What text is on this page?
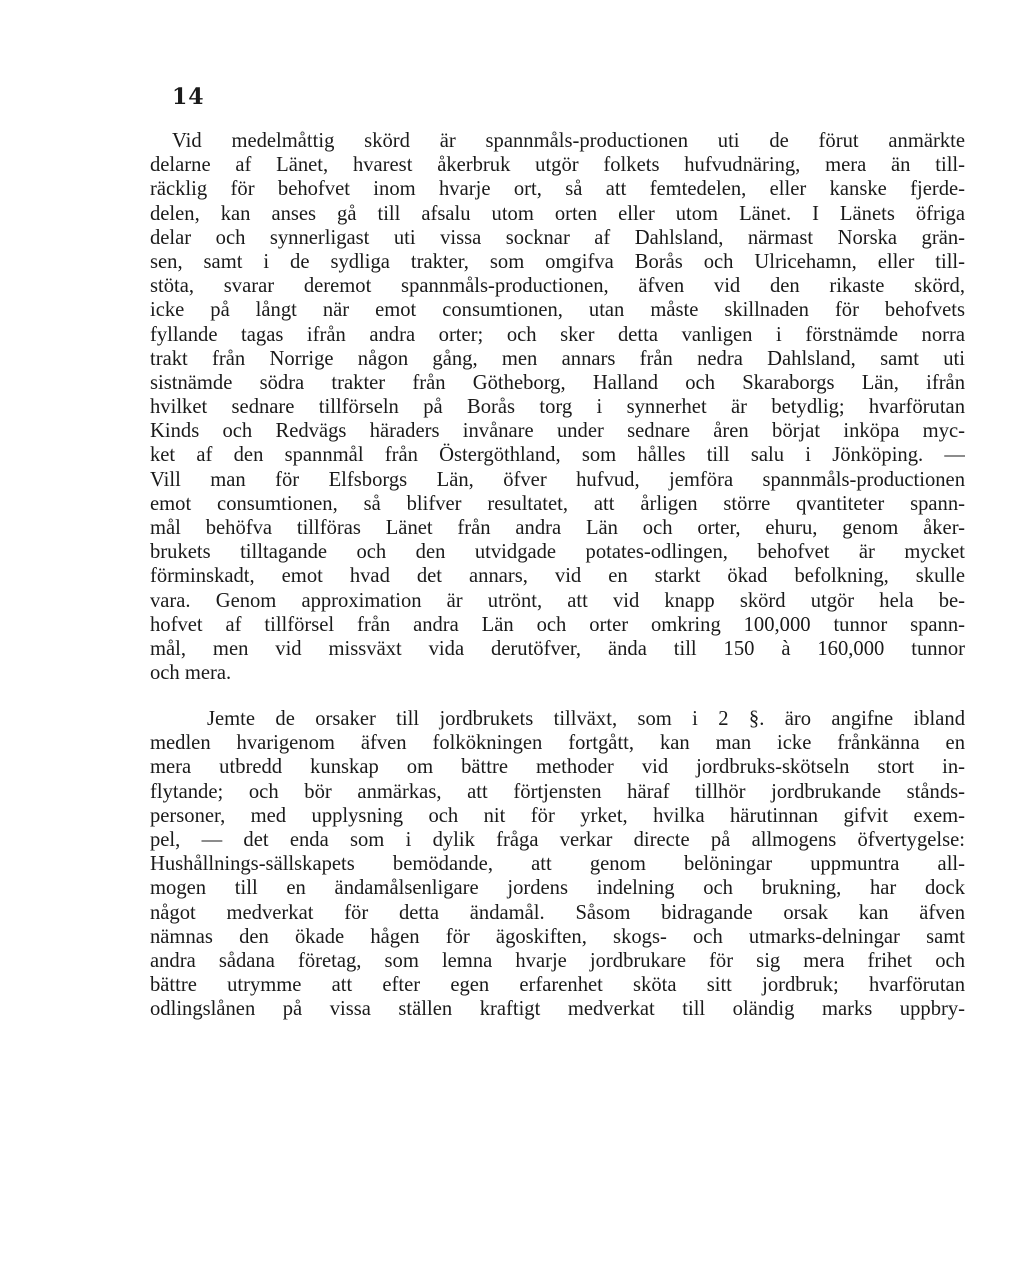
14
Vid medelmåttig skörd är spannmåls-productionen uti de förut anmärkte
delarne af Länet, hvarest åkerbruk utgör folkets hufvudnäring, mera än till-
räcklig för behofvet inom hvarje ort, så att femtedelen, eller kanske fjerde-
delen, kan anses gå till afsalu utom orten eller utom Länet. I Länets öfriga
delar och synnerligast uti vissa socknar af Dahlsland, närmast Norska grän-
sen, samt i de sydliga trakter, som omgifva Borås och Ulricehamn, eller till-
stöta, svarar deremot spannmåls-productionen, äfven vid den rikaste skörd,
icke på långt när emot consumtionen, utan måste skillnaden för behofvets
fyllande tagas ifrån andra orter; och sker detta vanligen i förstnämde norra
trakt från Norrige någon gång, men annars från nedra Dahlsland, samt uti
sistnämde södra trakter från Götheborg, Halland och Skaraborgs Län, ifrån
hvilket sednare tillförseln på Borås torg i synnerhet är betydlig; hvarförutan
Kinds och Redvägs häraders invånare under sednare åren börjat inköpa myc-
ket af den spannmål från Östergöthland, som hålles till salu i Jönköping. —
Vill man för Elfsborgs Län, öfver hufvud, jemföra spannmåls-productionen
emot consumtionen, så blifver resultatet, att årligen större qvantiteter spann-
mål behöfva tillföras Länet från andra Län och orter, ehuru, genom åker-
brukets tilltagande och den utvidgade potates-odlingen, behofvet är mycket
förminskadt, emot hvad det annars, vid en starkt ökad befolkning, skulle
vara. Genom approximation är utrönt, att vid knapp skörd utgör hela be-
hofvet af tillförsel från andra Län och orter omkring 100,000 tunnor spann-
mål, men vid missväxt vida derutöfver, ända till 150 à 160,000 tunnor
och mera.
Jemte de orsaker till jordbrukets tillväxt, som i 2 §. äro angifne ibland
medlen hvarigenom äfven folkökningen fortgått, kan man icke frånkänna en
mera utbredd kunskap om bättre methoder vid jordbruks-skötseln stort in-
flytande; och bör anmärkas, att förtjensten häraf tillhör jordbrukande stånds-
personer, med upplysning och nit för yrket, hvilka härutinnan gifvit exem-
pel, — det enda som i dylik fråga verkar directe på allmogens öfvertygelse:
Hushållnings-sällskapets bemödande, att genom belöningar uppmuntra all-
mogen till en ändamålsenligare jordens indelning och brukning, har dock
något medverkat för detta ändamål. Såsom bidragande orsak kan äfven
nämnas den ökade hågen för ägoskiften, skogs- och utmarks-delningar samt
andra sådana företag, som lemna hvarje jordbrukare för sig mera frihet och
bättre utrymme att efter egen erfarenhet sköta sitt jordbruk; hvarförutan
odlingslånen på vissa ställen kraftigt medverkat till oländig marks uppbry-
